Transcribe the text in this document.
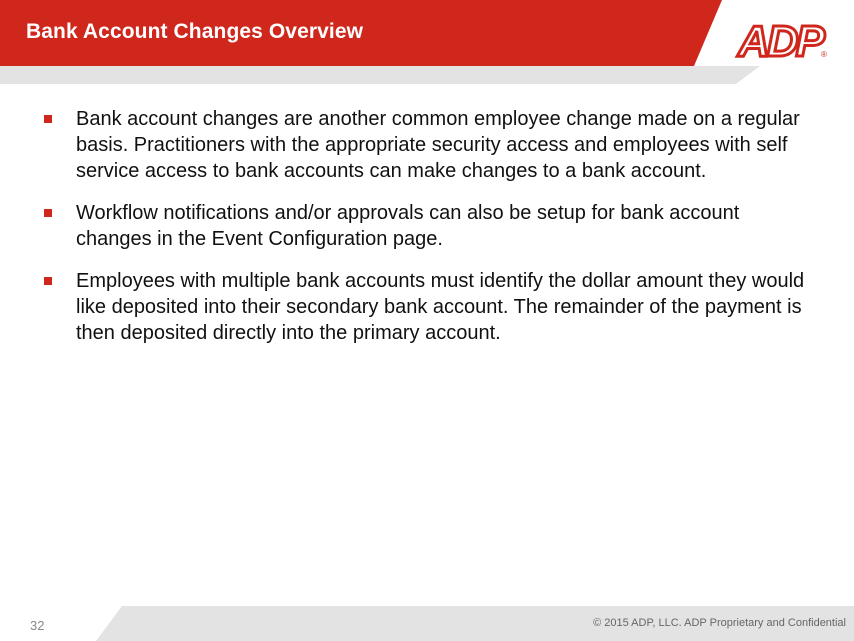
Bank Account Changes Overview	ADP ®
Bank account changes are another common employee change made on a regular basis. Practitioners with the appropriate security access and employees with self service access to bank accounts can make changes to a bank account.
Workflow notifications and/or approvals can also be setup for bank account changes in the Event Configuration page.
Employees with multiple bank accounts must identify the dollar amount they would like deposited into their secondary bank account. The remainder of the payment is then deposited directly into the primary account.
32	© 2015 ADP, LLC. ADP Proprietary and Confidential
